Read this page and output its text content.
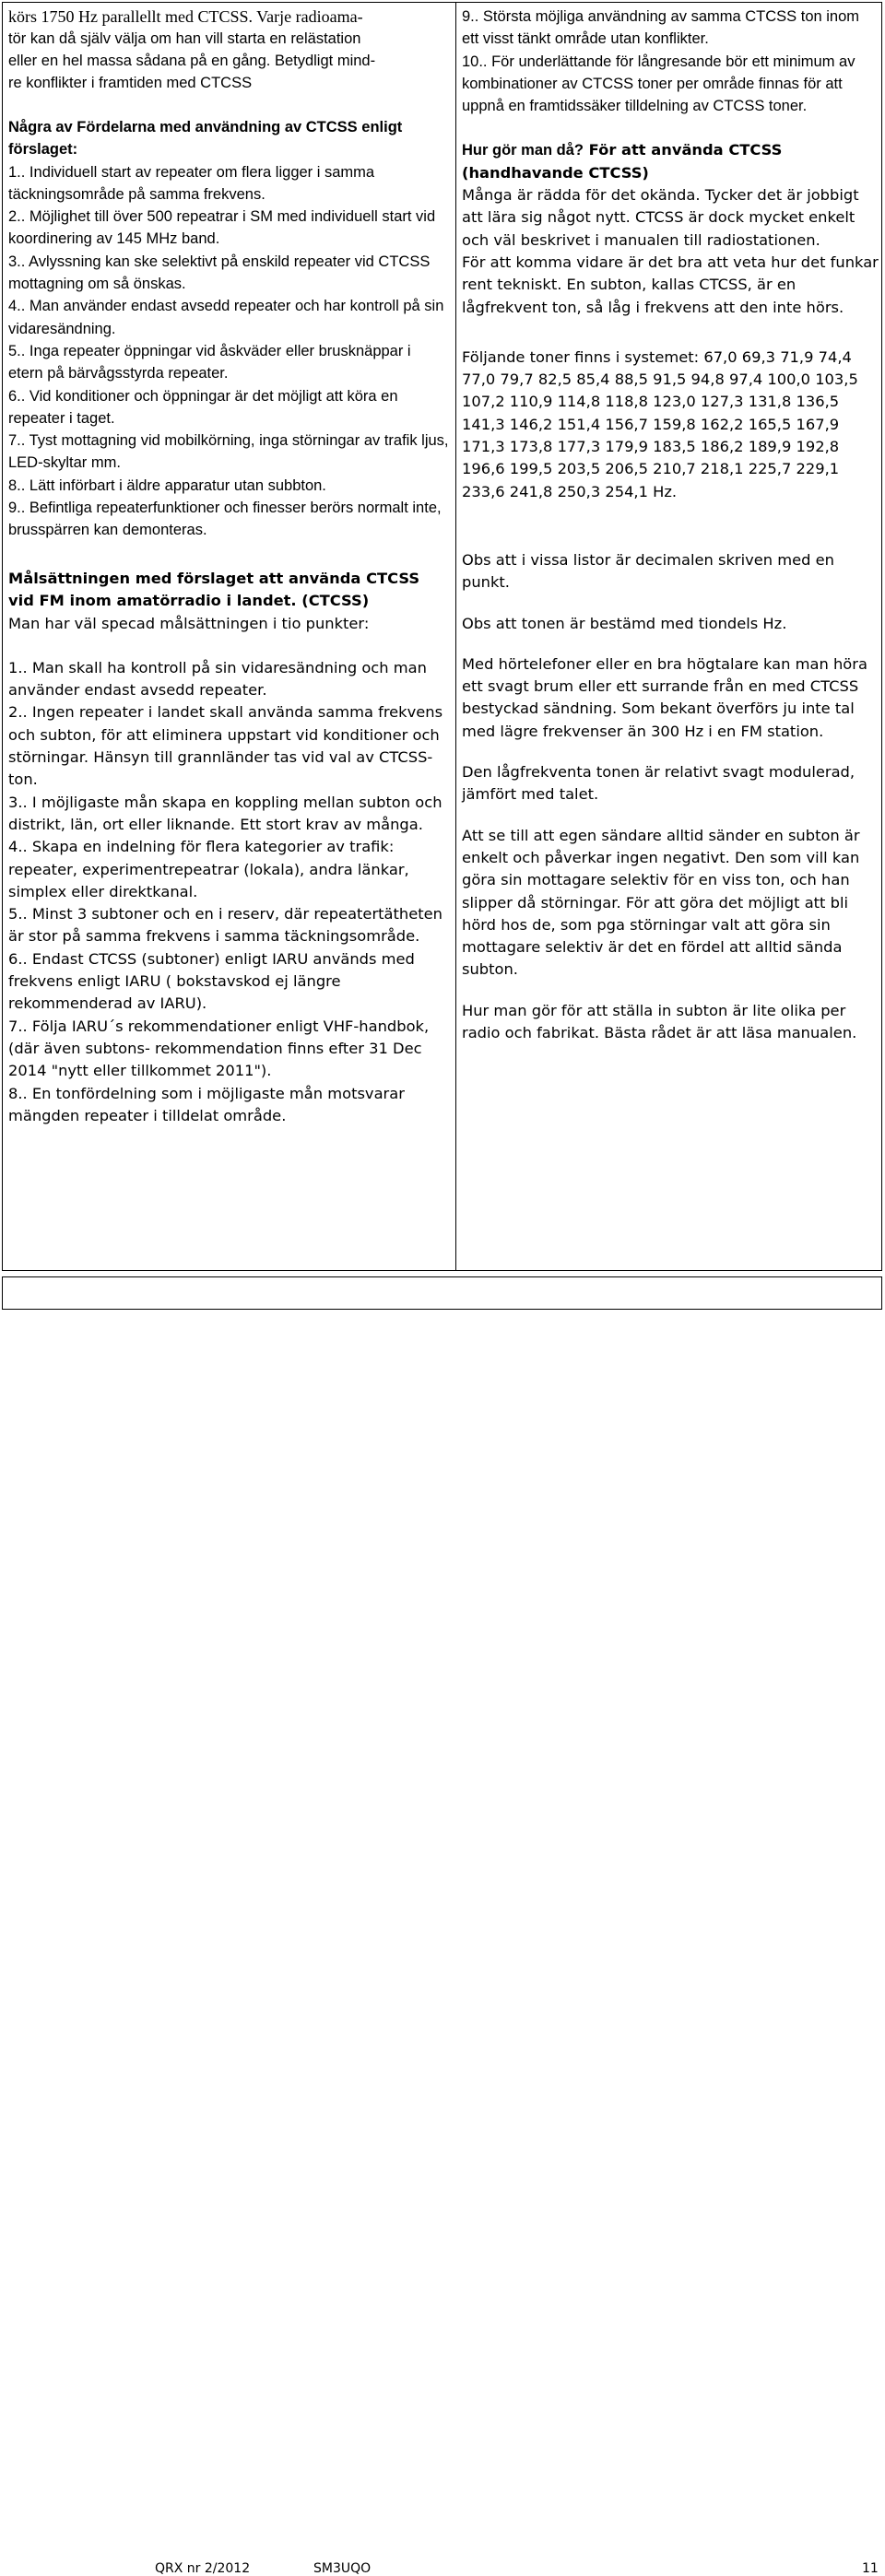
körs 1750 Hz parallellt med CTCSS. Varje radioama-
tör kan då själv välja om han vill starta en relästation
eller en hel massa sådana på en gång. Betydligt mind-
re konflikter i framtiden med CTCSS

Några av Fördelarna med användning av CTCSS enligt förslaget:

1.. Individuell start av repeater om flera ligger i samma täckningsområde på samma frekvens.

2.. Möjlighet till över 500 repeatrar i SM med individuell start vid koordinering av 145 MHz band.

3.. Avlyssning kan ske selektivt på enskild repeater vid CTCSS mottagning om så önskas.

4.. Man använder endast avsedd repeater och har kontroll på sin vidaresändning.

5.. Inga repeater öppningar vid åskväder eller brusknäppar i etern på bärvågsstyrda repeater.

6.. Vid konditioner och öppningar är det möjligt att köra en repeater i taget.

7.. Tyst mottagning vid mobilkörning, inga störningar av trafik ljus, LED-skyltar mm.

8.. Lätt införbart i äldre apparatur utan subbton.

9.. Befintliga repeaterfunktioner och finesser berörs normalt inte, brusspärren kan demonteras.

Målsättningen med förslaget att använda CTCSS vid FM inom amatörradio i landet. (CTCSS)

Man har väl specad målsättningen i tio punkter:

1.. Man skall ha kontroll på sin vidaresändning och man använder endast avsedd repeater.

2.. Ingen repeater i landet skall använda samma frekvens och subton, för att eliminera uppstart vid konditioner och störningar. Hänsyn till grannländer tas vid val av CTCSS-ton.

3.. I möjligaste mån skapa en koppling mellan subton och distrikt, län, ort eller liknande. Ett stort krav av många.

4.. Skapa en indelning för flera kategorier av trafik: repeater, experimentrepeatrar (lokala), andra länkar, simplex eller direktkanal.

5.. Minst 3 subtoner och en i reserv, där repeatertätheten är stor på samma frekvens i samma täckningsområde.

6.. Endast CTCSS (subtoner) enligt IARU används med frekvens enligt IARU ( bokstavskod ej längre rekommenderad av IARU).

7.. Följa IARU´s rekommendationer enligt VHF-handbok, (där även subtons- rekommendation finns efter 31 Dec 2014 "nytt eller tillkommet 2011").

8.. En tonfördelning som i möjligaste mån motsvarar mängden repeater i tilldelat område.

9.. Största möjliga användning av samma CTCSS ton inom ett visst tänkt område utan konflikter.

10.. För underlättande för långresande bör ett minimum av kombinationer av CTCSS toner per område finnas för att uppnå en framtidssäker tilldelning av CTCSS toner.

Hur gör man då? För att använda CTCSS (handhavande CTCSS)

Många är rädda för det okända. Tycker det är jobbigt att lära sig något nytt. CTCSS är dock mycket enkelt och väl beskrivet i manualen till radiostationen.

För att komma vidare är det bra att veta hur det funkar rent tekniskt. En subton, kallas CTCSS, är en lågfrekvent ton, så låg i frekvens att den inte hörs.

Följande toner finns i systemet: 67,0 69,3 71,9 74,4 77,0 79,7 82,5 85,4 88,5 91,5 94,8 97,4 100,0 103,5 107,2 110,9 114,8 118,8 123,0 127,3 131,8 136,5 141,3 146,2 151,4 156,7 159,8 162,2 165,5 167,9 171,3 173,8 177,3 179,9 183,5 186,2 189,9 192,8 196,6 199,5 203,5 206,5 210,7 218,1 225,7 229,1 233,6 241,8 250,3 254,1 Hz.

Obs att i vissa listor är decimalen skriven med en punkt.

Obs att tonen är bestämd med tiondels Hz.

Med hörtelefoner eller en bra högtalare kan man höra ett svagt brum eller ett surrande från en med CTCSS bestyckad sändning. Som bekant överförs ju inte tal med lägre frekvenser än 300 Hz i en FM station.

Den lågfrekventa tonen är relativt svagt modulerad, jämfört med talet.

Att se till att egen sändare alltid sänder en subton är enkelt och påverkar ingen negativt. Den som vill kan göra sin mottagare selektiv för en viss ton, och han slipper då störningar. För att göra det möjligt att bli hörd hos de, som pga störningar valt att göra sin mottagare selektiv är det en fördel att alltid sända subton.

Hur man gör för att ställa in subton är lite olika per radio och fabrikat. Bästa rådet är att läsa manualen.

QRX nr 2/2012	SM3UQO	11
